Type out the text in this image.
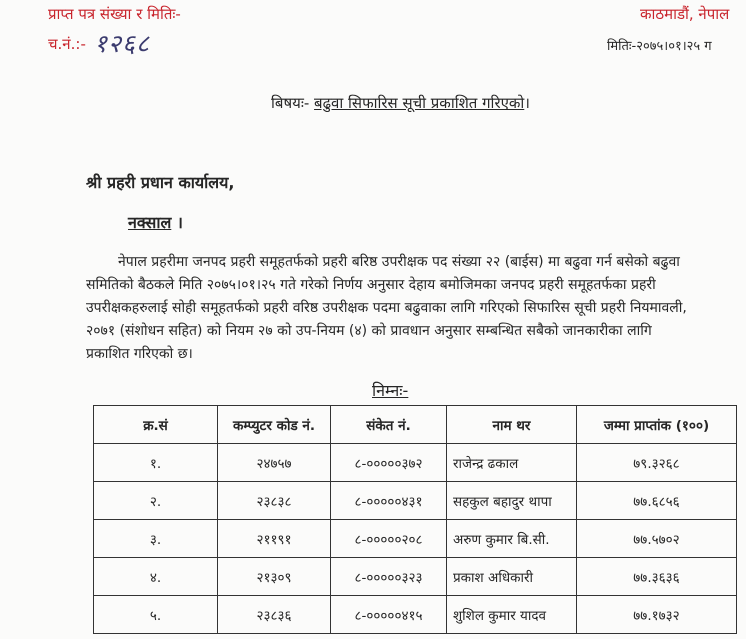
प्राप्त पत्र संख्या र मितिः-
च.नं.:- १२६८
काठमाडौं, नेपाल
मितिः-२०७५।०१।२५ ग
बिषयः- बढुवा सिफारिस सूची प्रकाशित गरिएको।
श्री प्रहरी प्रधान कार्यालय,
नक्साल ।
नेपाल प्रहरीमा जनपद प्रहरी समूहतर्फको प्रहरी बरिष्ठ उपरीक्षक पद संख्या २२ (बाईस) मा बढुवा गर्न बसेको बढुवा
समितिको बैठकले मिति २०७५।०१।२५ गते गरेको निर्णय अनुसार देहाय बमोजिमका जनपद प्रहरी समूहतर्फका प्रहरी
उपरीक्षकहरुलाई सोही समूहतर्फको प्रहरी वरिष्ठ उपरीक्षक पदमा बढुवाका लागि गरिएको सिफारिस सूची प्रहरी नियमावली,
२०७१ (संशोधन सहित) को नियम २७ को उप-नियम (४) को प्रावधान अनुसार सम्बन्धित सबैको जानकारीका लागि
प्रकाशित गरिएको छ।
निम्नः-
क्र.सं	कम्प्युटर कोड नं.	संकेत नं.	नाम थर	जम्मा प्राप्तांक (१००)
१.	२४७५७	८-०००००३७२	राजेन्द्र ढकाल	७९.३२६८
२.	२३८३८	८-०००००४३१	सहकुल बहादुर थापा	७७.६८५६
३.	२११९१	८-०००००२०८	अरुण कुमार बि.सी.	७७.५७०२
४.	२१३०९	८-०००००३२३	प्रकाश अधिकारी	७७.३६३६
५.	२३८३६	८-०००००४१५	शुशिल कुमार यादव	७७.१७३२
